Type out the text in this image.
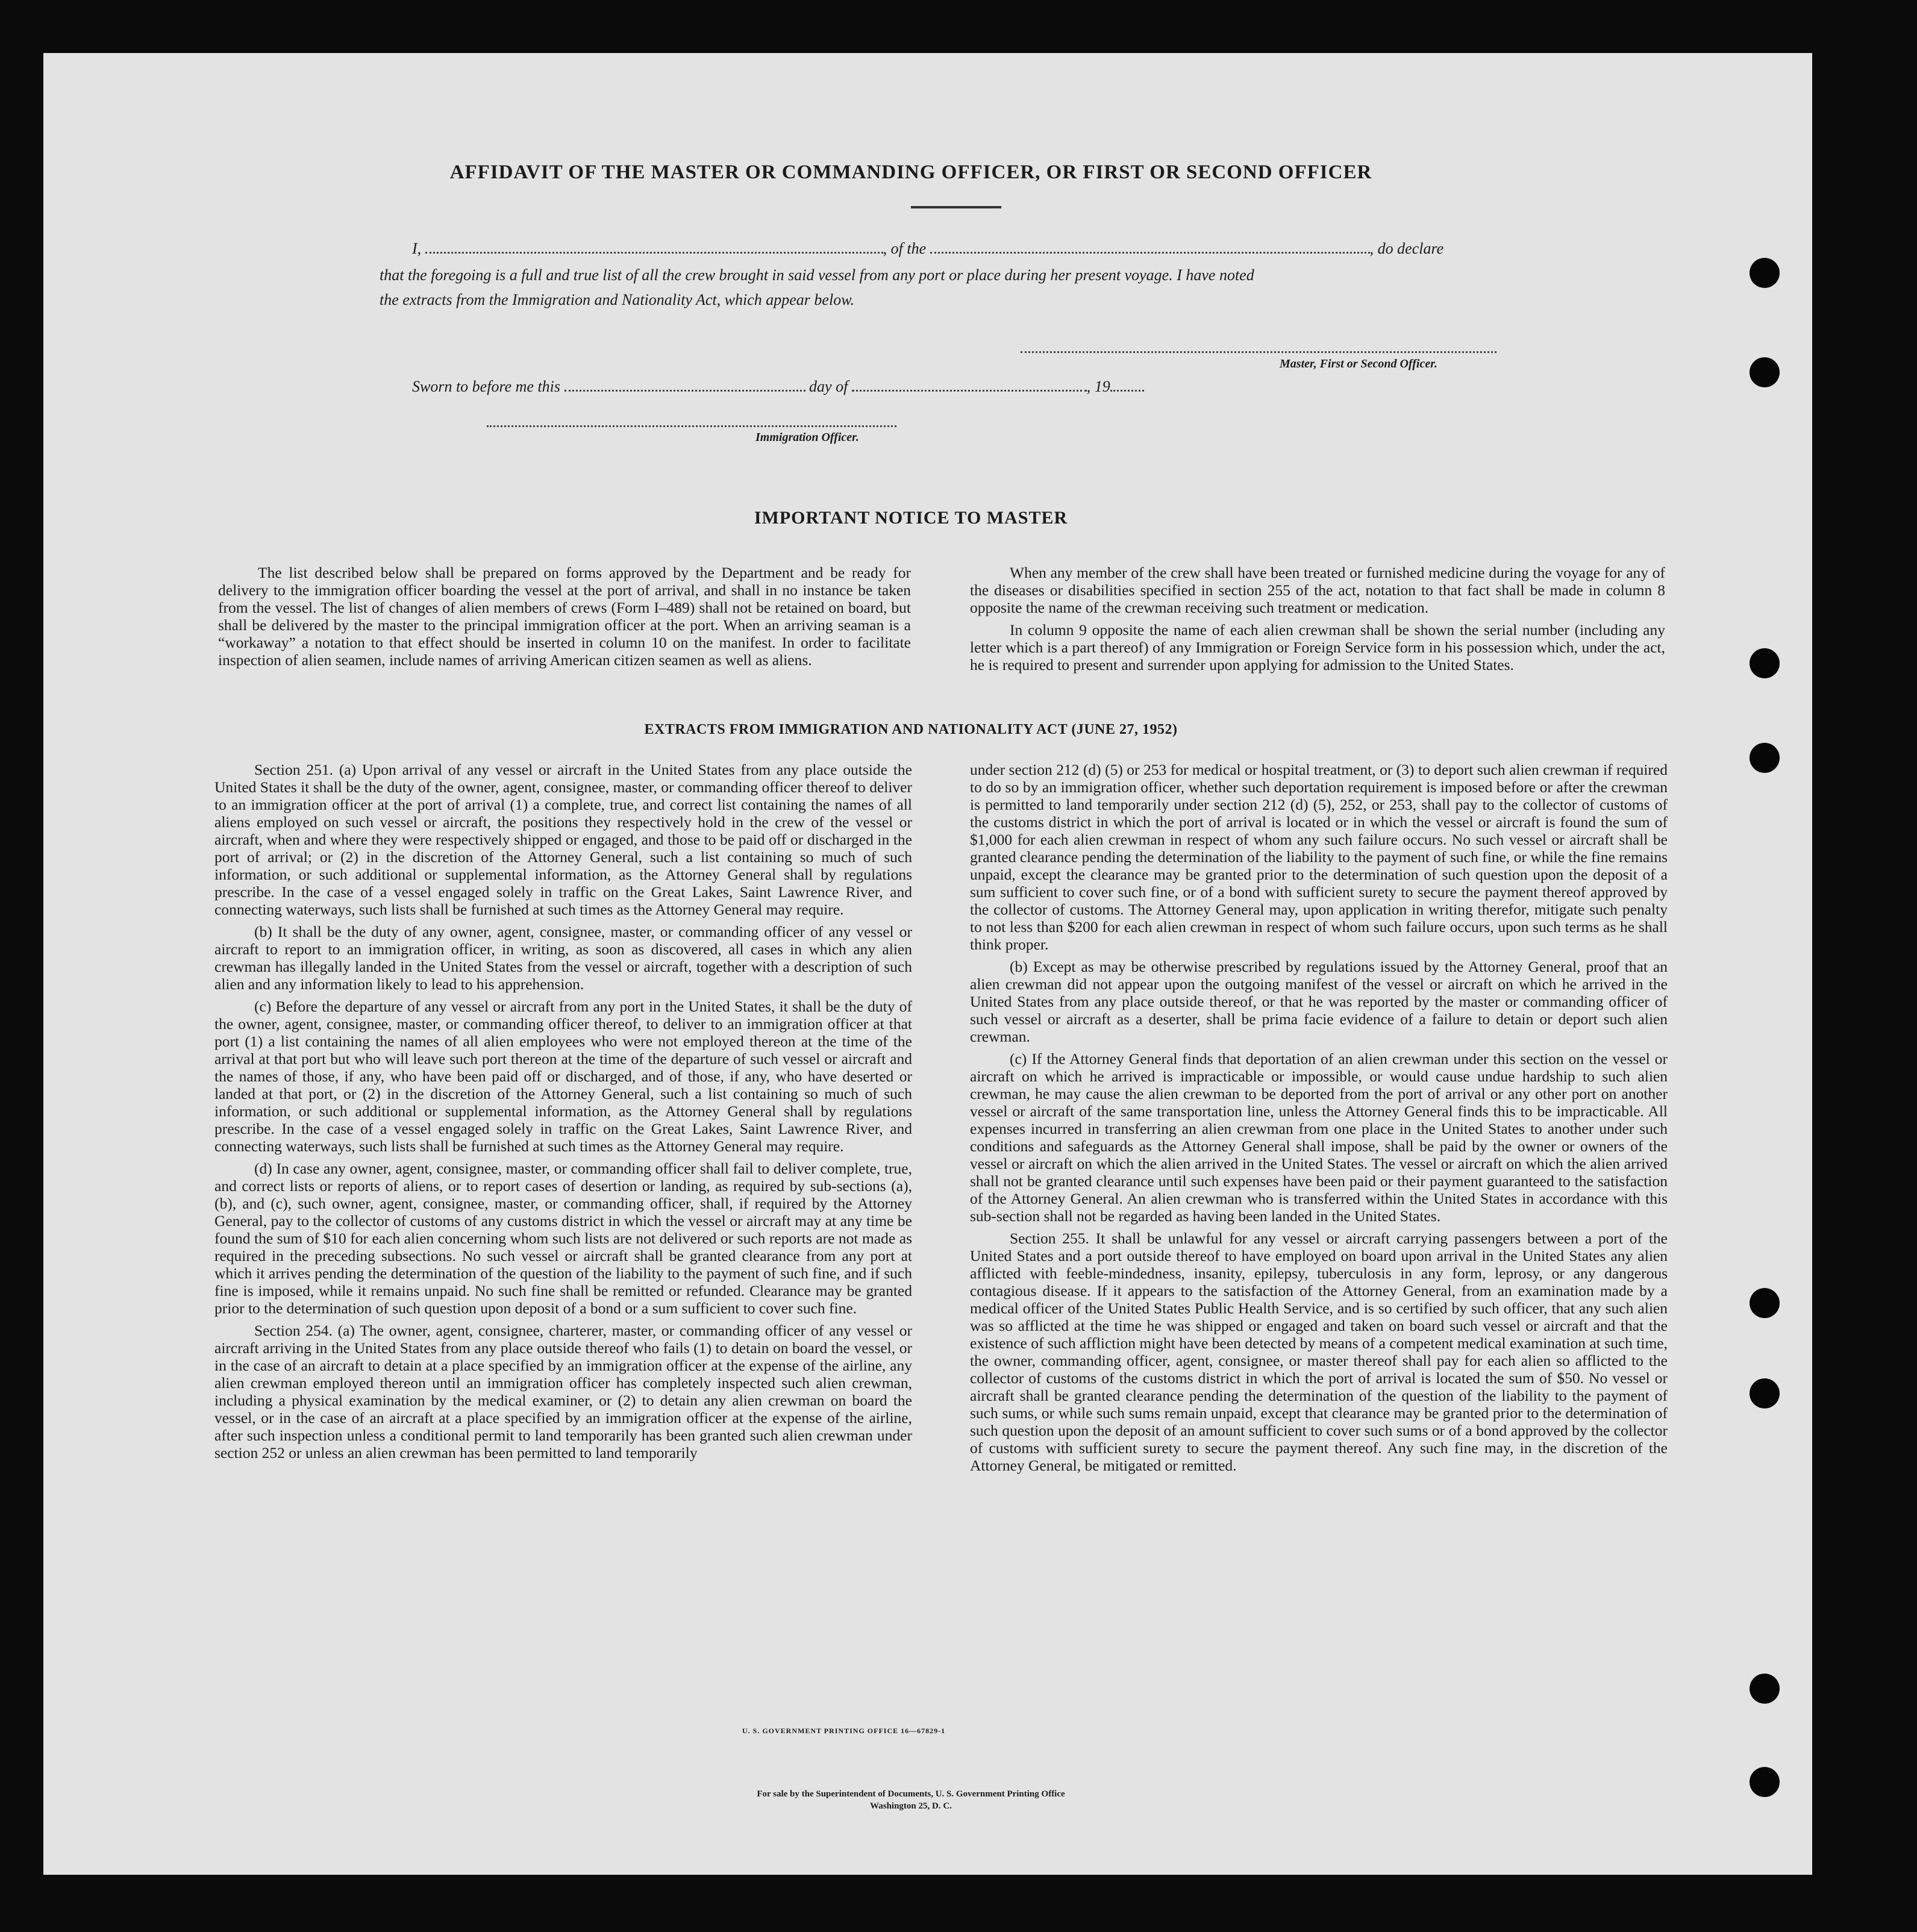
AFFIDAVIT OF THE MASTER OR COMMANDING OFFICER, OR FIRST OR SECOND OFFICER
I,	, of the	, do declare
that the foregoing is a full and true list of all the crew brought in said vessel from any port or place during her present voyage. I have noted
the extracts from the Immigration and Nationality Act, which appear below.
Master, First or Second Officer.
Sworn to before me this	day of	, 19
Immigration Officer.
IMPORTANT NOTICE TO MASTER

The list described below shall be prepared on forms approved by the Department and be ready for delivery to the immigration officer boarding the vessel at the port of arrival, and shall in no instance be taken from the vessel. The list of changes of alien members of crews (Form I–489) shall not be retained on board, but shall be delivered by the master to the principal immigration officer at the port. When an arriving seaman is a “workaway” a notation to that effect should be inserted in column 10 on the manifest. In order to facilitate inspection of alien seamen, include names of arriving American citizen seamen as well as aliens.

When any member of the crew shall have been treated or furnished medicine during the voyage for any of the diseases or disabilities specified in section 255 of the act, notation to that fact shall be made in column 8 opposite the name of the crewman receiving such treatment or medication.

In column 9 opposite the name of each alien crewman shall be shown the serial number (including any letter which is a part thereof) of any Immigration or Foreign Service form in his possession which, under the act, he is required to present and surrender upon applying for admission to the United States.

EXTRACTS FROM IMMIGRATION AND NATIONALITY ACT (JUNE 27, 1952)

Section 251. (a) Upon arrival of any vessel or aircraft in the United States from any place outside the United States it shall be the duty of the owner, agent, consignee, master, or commanding officer thereof to deliver to an immigration officer at the port of arrival (1) a complete, true, and correct list containing the names of all aliens employed on such vessel or aircraft, the positions they respectively hold in the crew of the vessel or aircraft, when and where they were respectively shipped or engaged, and those to be paid off or discharged in the port of arrival; or (2) in the discretion of the Attorney General, such a list containing so much of such information, or such additional or supplemental information, as the Attorney General shall by regulations prescribe. In the case of a vessel engaged solely in traffic on the Great Lakes, Saint Lawrence River, and connecting waterways, such lists shall be furnished at such times as the Attorney General may require.

(b) It shall be the duty of any owner, agent, consignee, master, or commanding officer of any vessel or aircraft to report to an immigration officer, in writing, as soon as discovered, all cases in which any alien crewman has illegally landed in the United States from the vessel or aircraft, together with a description of such alien and any information likely to lead to his apprehension.

(c) Before the departure of any vessel or aircraft from any port in the United States, it shall be the duty of the owner, agent, consignee, master, or commanding officer thereof, to deliver to an immigration officer at that port (1) a list containing the names of all alien employees who were not employed thereon at the time of the arrival at that port but who will leave such port thereon at the time of the departure of such vessel or aircraft and the names of those, if any, who have been paid off or discharged, and of those, if any, who have deserted or landed at that port, or (2) in the discretion of the Attorney General, such a list containing so much of such information, or such additional or supplemental information, as the Attorney General shall by regulations prescribe. In the case of a vessel engaged solely in traffic on the Great Lakes, Saint Lawrence River, and connecting waterways, such lists shall be furnished at such times as the Attorney General may require.

(d) In case any owner, agent, consignee, master, or commanding officer shall fail to deliver complete, true, and correct lists or reports of aliens, or to report cases of desertion or landing, as required by sub-sections (a), (b), and (c), such owner, agent, consignee, master, or commanding officer, shall, if required by the Attorney General, pay to the collector of customs of any customs district in which the vessel or aircraft may at any time be found the sum of $10 for each alien concerning whom such lists are not delivered or such reports are not made as required in the preceding subsections. No such vessel or aircraft shall be granted clearance from any port at which it arrives pending the determination of the question of the liability to the payment of such fine, and if such fine is imposed, while it remains unpaid. No such fine shall be remitted or refunded. Clearance may be granted prior to the determination of such question upon deposit of a bond or a sum sufficient to cover such fine.

Section 254. (a) The owner, agent, consignee, charterer, master, or commanding officer of any vessel or aircraft arriving in the United States from any place outside thereof who fails (1) to detain on board the vessel, or in the case of an aircraft to detain at a place specified by an immigration officer at the expense of the airline, any alien crewman employed thereon until an immigration officer has completely inspected such alien crewman, including a physical examination by the medical examiner, or (2) to detain any alien crewman on board the vessel, or in the case of an aircraft at a place specified by an immigration officer at the expense of the airline, after such inspection unless a conditional permit to land temporarily has been granted such alien crewman under section 252 or unless an alien crewman has been permitted to land temporarily

under section 212 (d) (5) or 253 for medical or hospital treatment, or (3) to deport such alien crewman if required to do so by an immigration officer, whether such deportation requirement is imposed before or after the crewman is permitted to land temporarily under section 212 (d) (5), 252, or 253, shall pay to the collector of customs of the customs district in which the port of arrival is located or in which the vessel or aircraft is found the sum of $1,000 for each alien crewman in respect of whom any such failure occurs. No such vessel or aircraft shall be granted clearance pending the determination of the liability to the payment of such fine, or while the fine remains unpaid, except the clearance may be granted prior to the determination of such question upon the deposit of a sum sufficient to cover such fine, or of a bond with sufficient surety to secure the payment thereof approved by the collector of customs. The Attorney General may, upon application in writing therefor, mitigate such penalty to not less than $200 for each alien crewman in respect of whom such failure occurs, upon such terms as he shall think proper.

(b) Except as may be otherwise prescribed by regulations issued by the Attorney General, proof that an alien crewman did not appear upon the outgoing manifest of the vessel or aircraft on which he arrived in the United States from any place outside thereof, or that he was reported by the master or commanding officer of such vessel or aircraft as a deserter, shall be prima facie evidence of a failure to detain or deport such alien crewman.

(c) If the Attorney General finds that deportation of an alien crewman under this section on the vessel or aircraft on which he arrived is impracticable or impossible, or would cause undue hardship to such alien crewman, he may cause the alien crewman to be deported from the port of arrival or any other port on another vessel or aircraft of the same transportation line, unless the Attorney General finds this to be impracticable. All expenses incurred in transferring an alien crewman from one place in the United States to another under such conditions and safeguards as the Attorney General shall impose, shall be paid by the owner or owners of the vessel or aircraft on which the alien arrived in the United States. The vessel or aircraft on which the alien arrived shall not be granted clearance until such expenses have been paid or their payment guaranteed to the satisfaction of the Attorney General. An alien crewman who is transferred within the United States in accordance with this sub-section shall not be regarded as having been landed in the United States.

Section 255. It shall be unlawful for any vessel or aircraft carrying passengers between a port of the United States and a port outside thereof to have employed on board upon arrival in the United States any alien afflicted with feeble-mindedness, insanity, epilepsy, tuberculosis in any form, leprosy, or any dangerous contagious disease. If it appears to the satisfaction of the Attorney General, from an examination made by a medical officer of the United States Public Health Service, and is so certified by such officer, that any such alien was so afflicted at the time he was shipped or engaged and taken on board such vessel or aircraft and that the existence of such affliction might have been detected by means of a competent medical examination at such time, the owner, commanding officer, agent, consignee, or master thereof shall pay for each alien so afflicted to the collector of customs of the customs district in which the port of arrival is located the sum of $50. No vessel or aircraft shall be granted clearance pending the determination of the question of the liability to the payment of such sums, or while such sums remain unpaid, except that clearance may be granted prior to the determination of such question upon the deposit of an amount sufficient to cover such sums or of a bond approved by the collector of customs with sufficient surety to secure the payment thereof. Any such fine may, in the discretion of the Attorney General, be mitigated or remitted.

U. S. GOVERNMENT PRINTING OFFICE 16—67829-1
For sale by the Superintendent of Documents, U. S. Government Printing Office
Washington 25, D. C.
